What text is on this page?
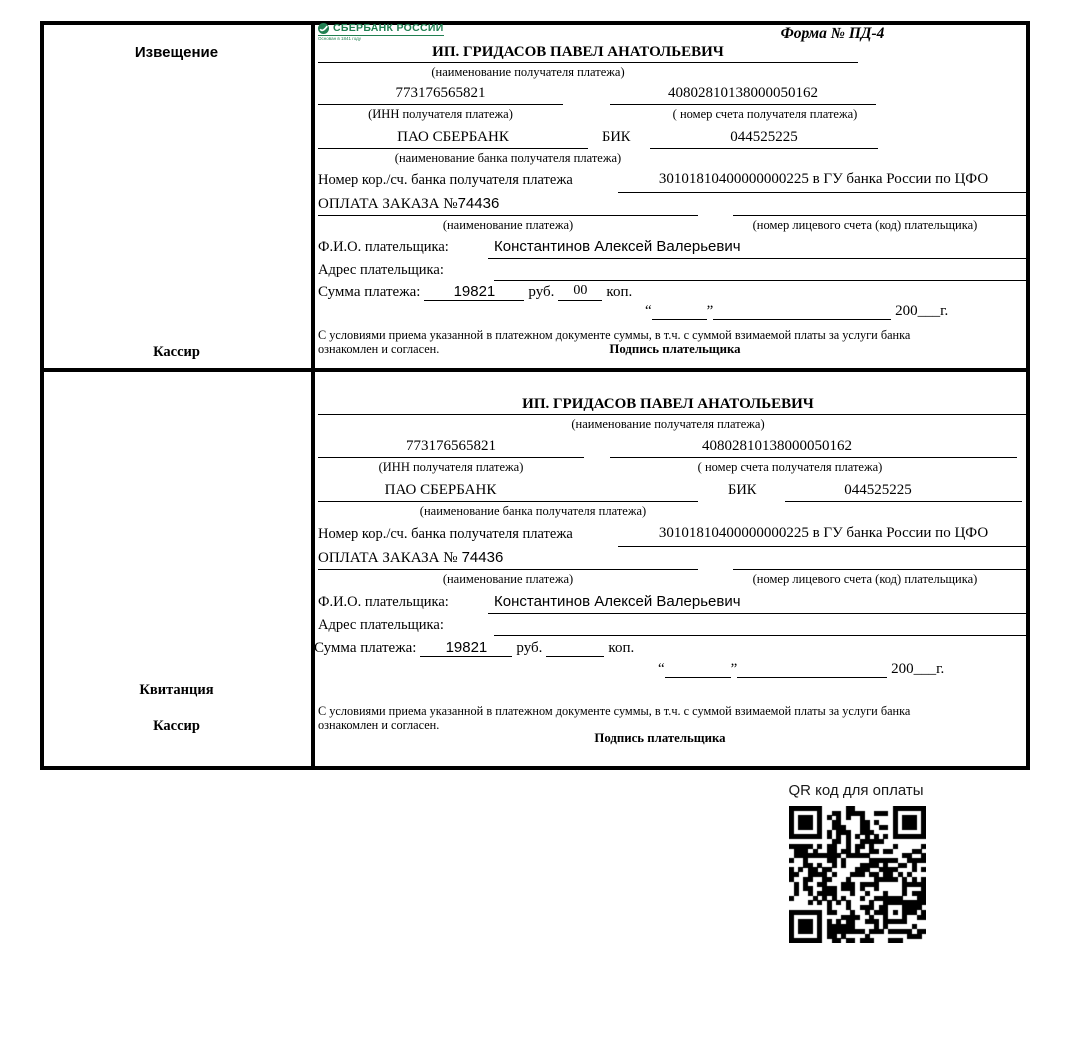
Извещение
Кассир
СБЕРБАНК РОССИИ
Основан в 1841 году	Форма № ПД-4
ИП. ГРИДАСОВ ПАВЕЛ АНАТОЛЬЕВИЧ
(наименование получателя платежа)
773176565821	40802810138000050162
(ИНН получателя платежа)	( номер счета получателя платежа)
ПАО СБЕРБАНК	БИК	044525225
(наименование банка получателя платежа)
Номер кор./сч. банка получателя платежа	30101810400000000225 в ГУ банка России по ЦФО
ОПЛАТА ЗАКАЗА №74436
(наименование платежа)	(номер лицевого счета (код) плательщика)
Ф.И.О. плательщика:	Константинов Алексей Валерьевич
Адрес плательщика:
Сумма платежа: 19821 руб. 00 коп.
“	”	200___г.
С условиями приема указанной в платежном документе суммы, в т.ч. с суммой взимаемой платы за услуги банка
ознакомлен и согласен.	Подпись плательщика
ИП. ГРИДАСОВ ПАВЕЛ АНАТОЛЬЕВИЧ
(наименование получателя платежа)
773176565821	40802810138000050162
(ИНН получателя платежа)	( номер счета получателя платежа)
ПАО СБЕРБАНК	БИК	044525225
(наименование банка получателя платежа)
Номер кор./сч. банка получателя платежа	30101810400000000225 в ГУ банка России по ЦФО
ОПЛАТА ЗАКАЗА № 74436
(наименование платежа)	(номер лицевого счета (код) плательщика)
Ф.И.О. плательщика:	Константинов Алексей Валерьевич
Адрес плательщика:
Сумма платежа: 19821 руб.	коп.
“	”	200___г.
Квитанция
С условиями приема указанной в платежном документе суммы, в т.ч. с суммой взимаемой платы за услуги банка
ознакомлен и согласен.
Кассир
Подпись плательщика
QR код для оплаты
